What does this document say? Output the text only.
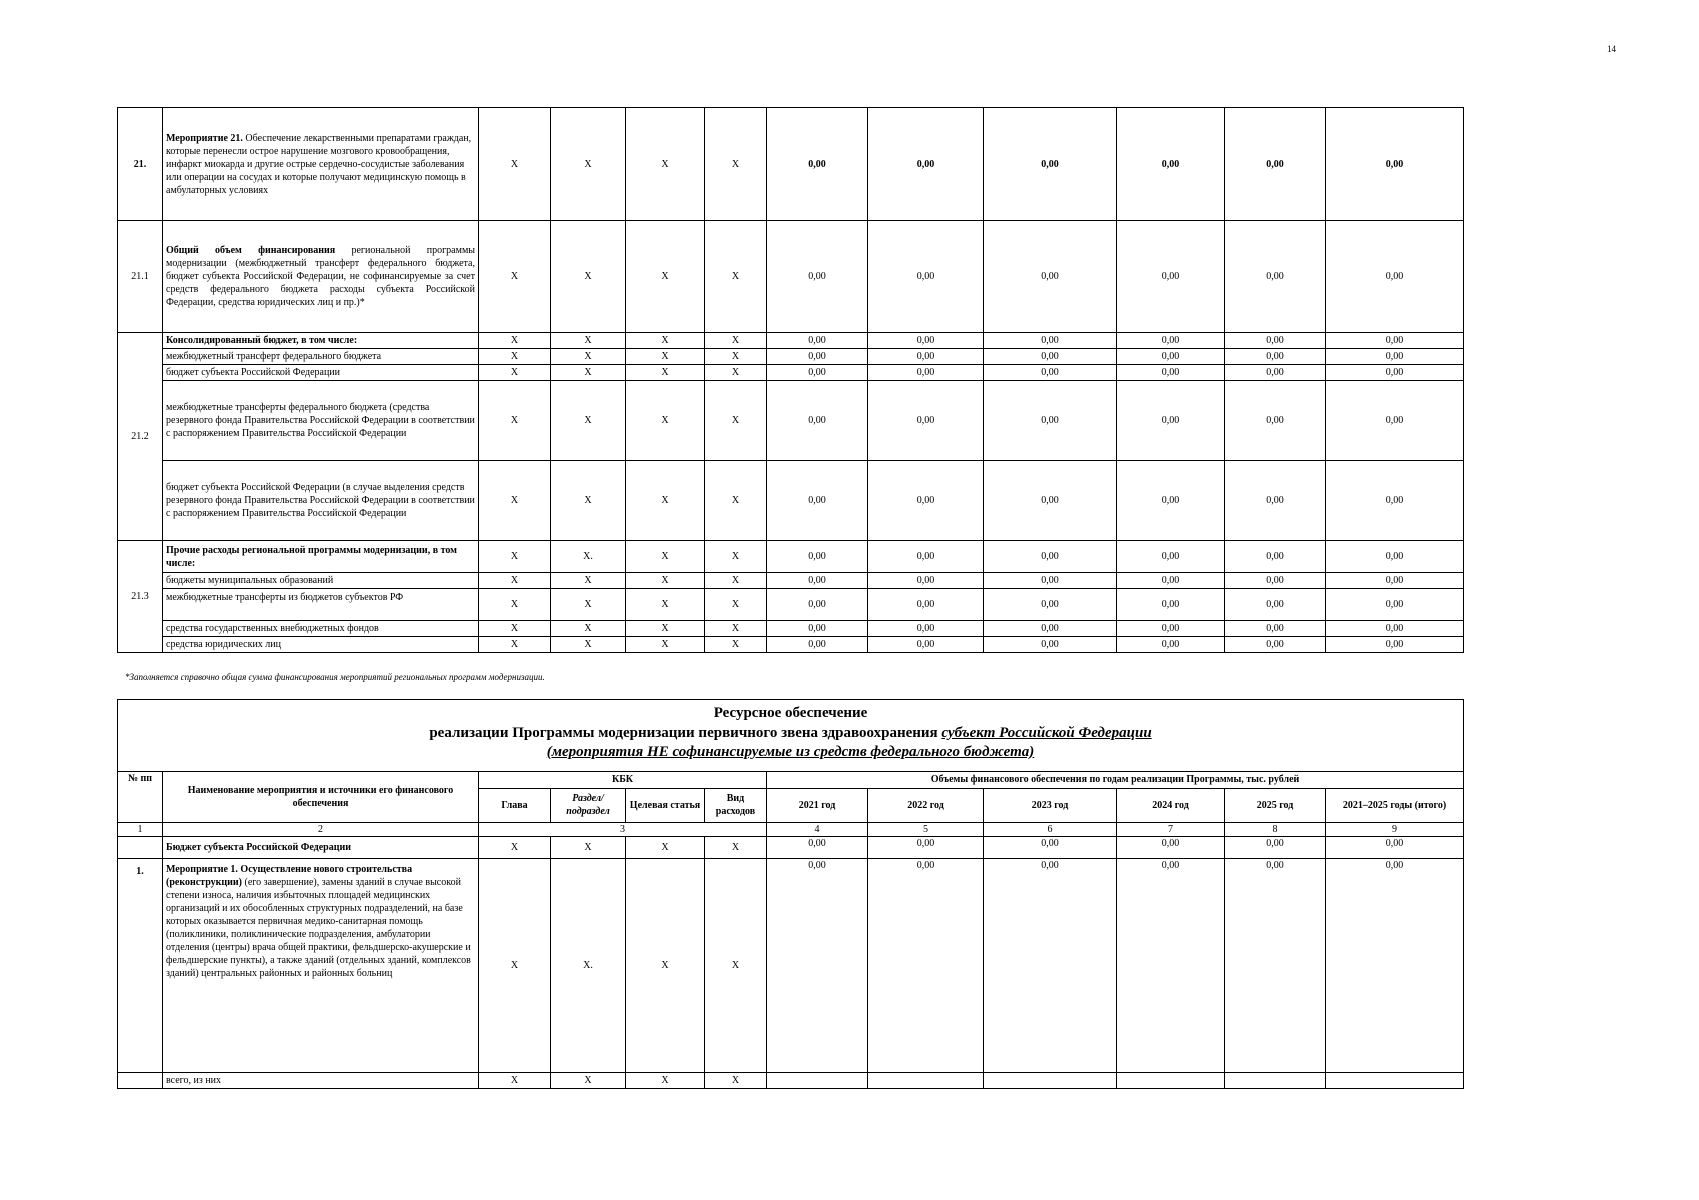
14
21.	Мероприятие 21. Обеспечение лекарственными препаратами граждан, которые перенесли острое нарушение мозгового кровообращения, инфаркт миокарда и другие острые сердечно-сосудистые заболевания или операции на сосудах и которые получают медицинскую помощь в амбулаторных условиях	X	X	X	X	0,00	0,00	0,00	0,00	0,00	0,00
21.1	Общий объем финансирования региональной программы модернизации (межбюджетный трансферт федерального бюджета, бюджет субъекта Российской Федерации, не софинансируемые за счет средств федерального бюджета расходы субъекта Российской Федерации, средства юридических лиц и пр.)*	X	X	X	X	0,00	0,00	0,00	0,00	0,00	0,00
21.2	Консолидированный бюджет, в том числе:	X	X	X	X	0,00	0,00	0,00	0,00	0,00	0,00
	межбюджетный трансферт федерального бюджета	X	X	X	X	0,00	0,00	0,00	0,00	0,00	0,00
	бюджет субъекта Российской Федерации	X	X	X	X	0,00	0,00	0,00	0,00	0,00	0,00
	межбюджетные трансферты федерального бюджета (средства резервного фонда Правительства Российской Федерации в соответствии с распоряжением Правительства Российской Федерации	X	X	X	X	0,00	0,00	0,00	0,00	0,00	0,00
	бюджет субъекта Российской Федерации (в случае выделения средств резервного фонда Правительства Российской Федерации в соответствии с распоряжением Правительства Российской Федерации	X	X	X	X	0,00	0,00	0,00	0,00	0,00	0,00
21.3	Прочие расходы региональной программы модернизации, в том числе:	X	X.	X	X	0,00	0,00	0,00	0,00	0,00	0,00
	бюджеты муниципальных образований	X	X	X	X	0,00	0,00	0,00	0,00	0,00	0,00
	межбюджетные трансферты из бюджетов субъектов РФ	X	X	X	X	0,00	0,00	0,00	0,00	0,00	0,00
	средства государственных внебюджетных фондов	X	X	X	X	0,00	0,00	0,00	0,00	0,00	0,00
	средства юридических лиц	X	X	X	X	0,00	0,00	0,00	0,00	0,00	0,00
*Заполняется справочно общая сумма финансирования мероприятий региональных программ модернизации.
Ресурсное обеспечение
реализации Программы модернизации первичного звена здравоохранения субъект Российской Федерации
(мероприятия НЕ софинансируемые из средств федерального бюджета)											

№ пп	Наименование мероприятия и источники его финансового обеспечения	КБК				Объемы финансового обеспечения по годам реализации Программы, тыс. рублей					
		Глава	Раздел/ подраздел	Целевая статья	Вид расходов	2021 год	2022 год	2023 год	2024 год	2025 год	2021–2025 годы (итого)
1	2	3				4	5	6	7	8	9
	Бюджет субъекта Российской Федерации	X	X	X	X	0,00	0,00	0,00	0,00	0,00	0,00
1.	Мероприятие 1. Осуществление нового строительства (реконструкции) (его завершение), замены зданий в случае высокой степени износа, наличия избыточных площадей медицинских организаций и их обособленных структурных подразделений, на базе которых оказывается первичная медико-санитарная помощь (поликлиники, поликлинические подразделения, амбулатории отделения (центры) врача общей практики, фельдшерско-акушерские и фельдшерские пункты), а также зданий (отдельных зданий, комплексов зданий) центральных районных и районных больниц	X	X.	X	X	0,00	0,00	0,00	0,00	0,00	0,00
	всего, из них	X	X	X	X						
